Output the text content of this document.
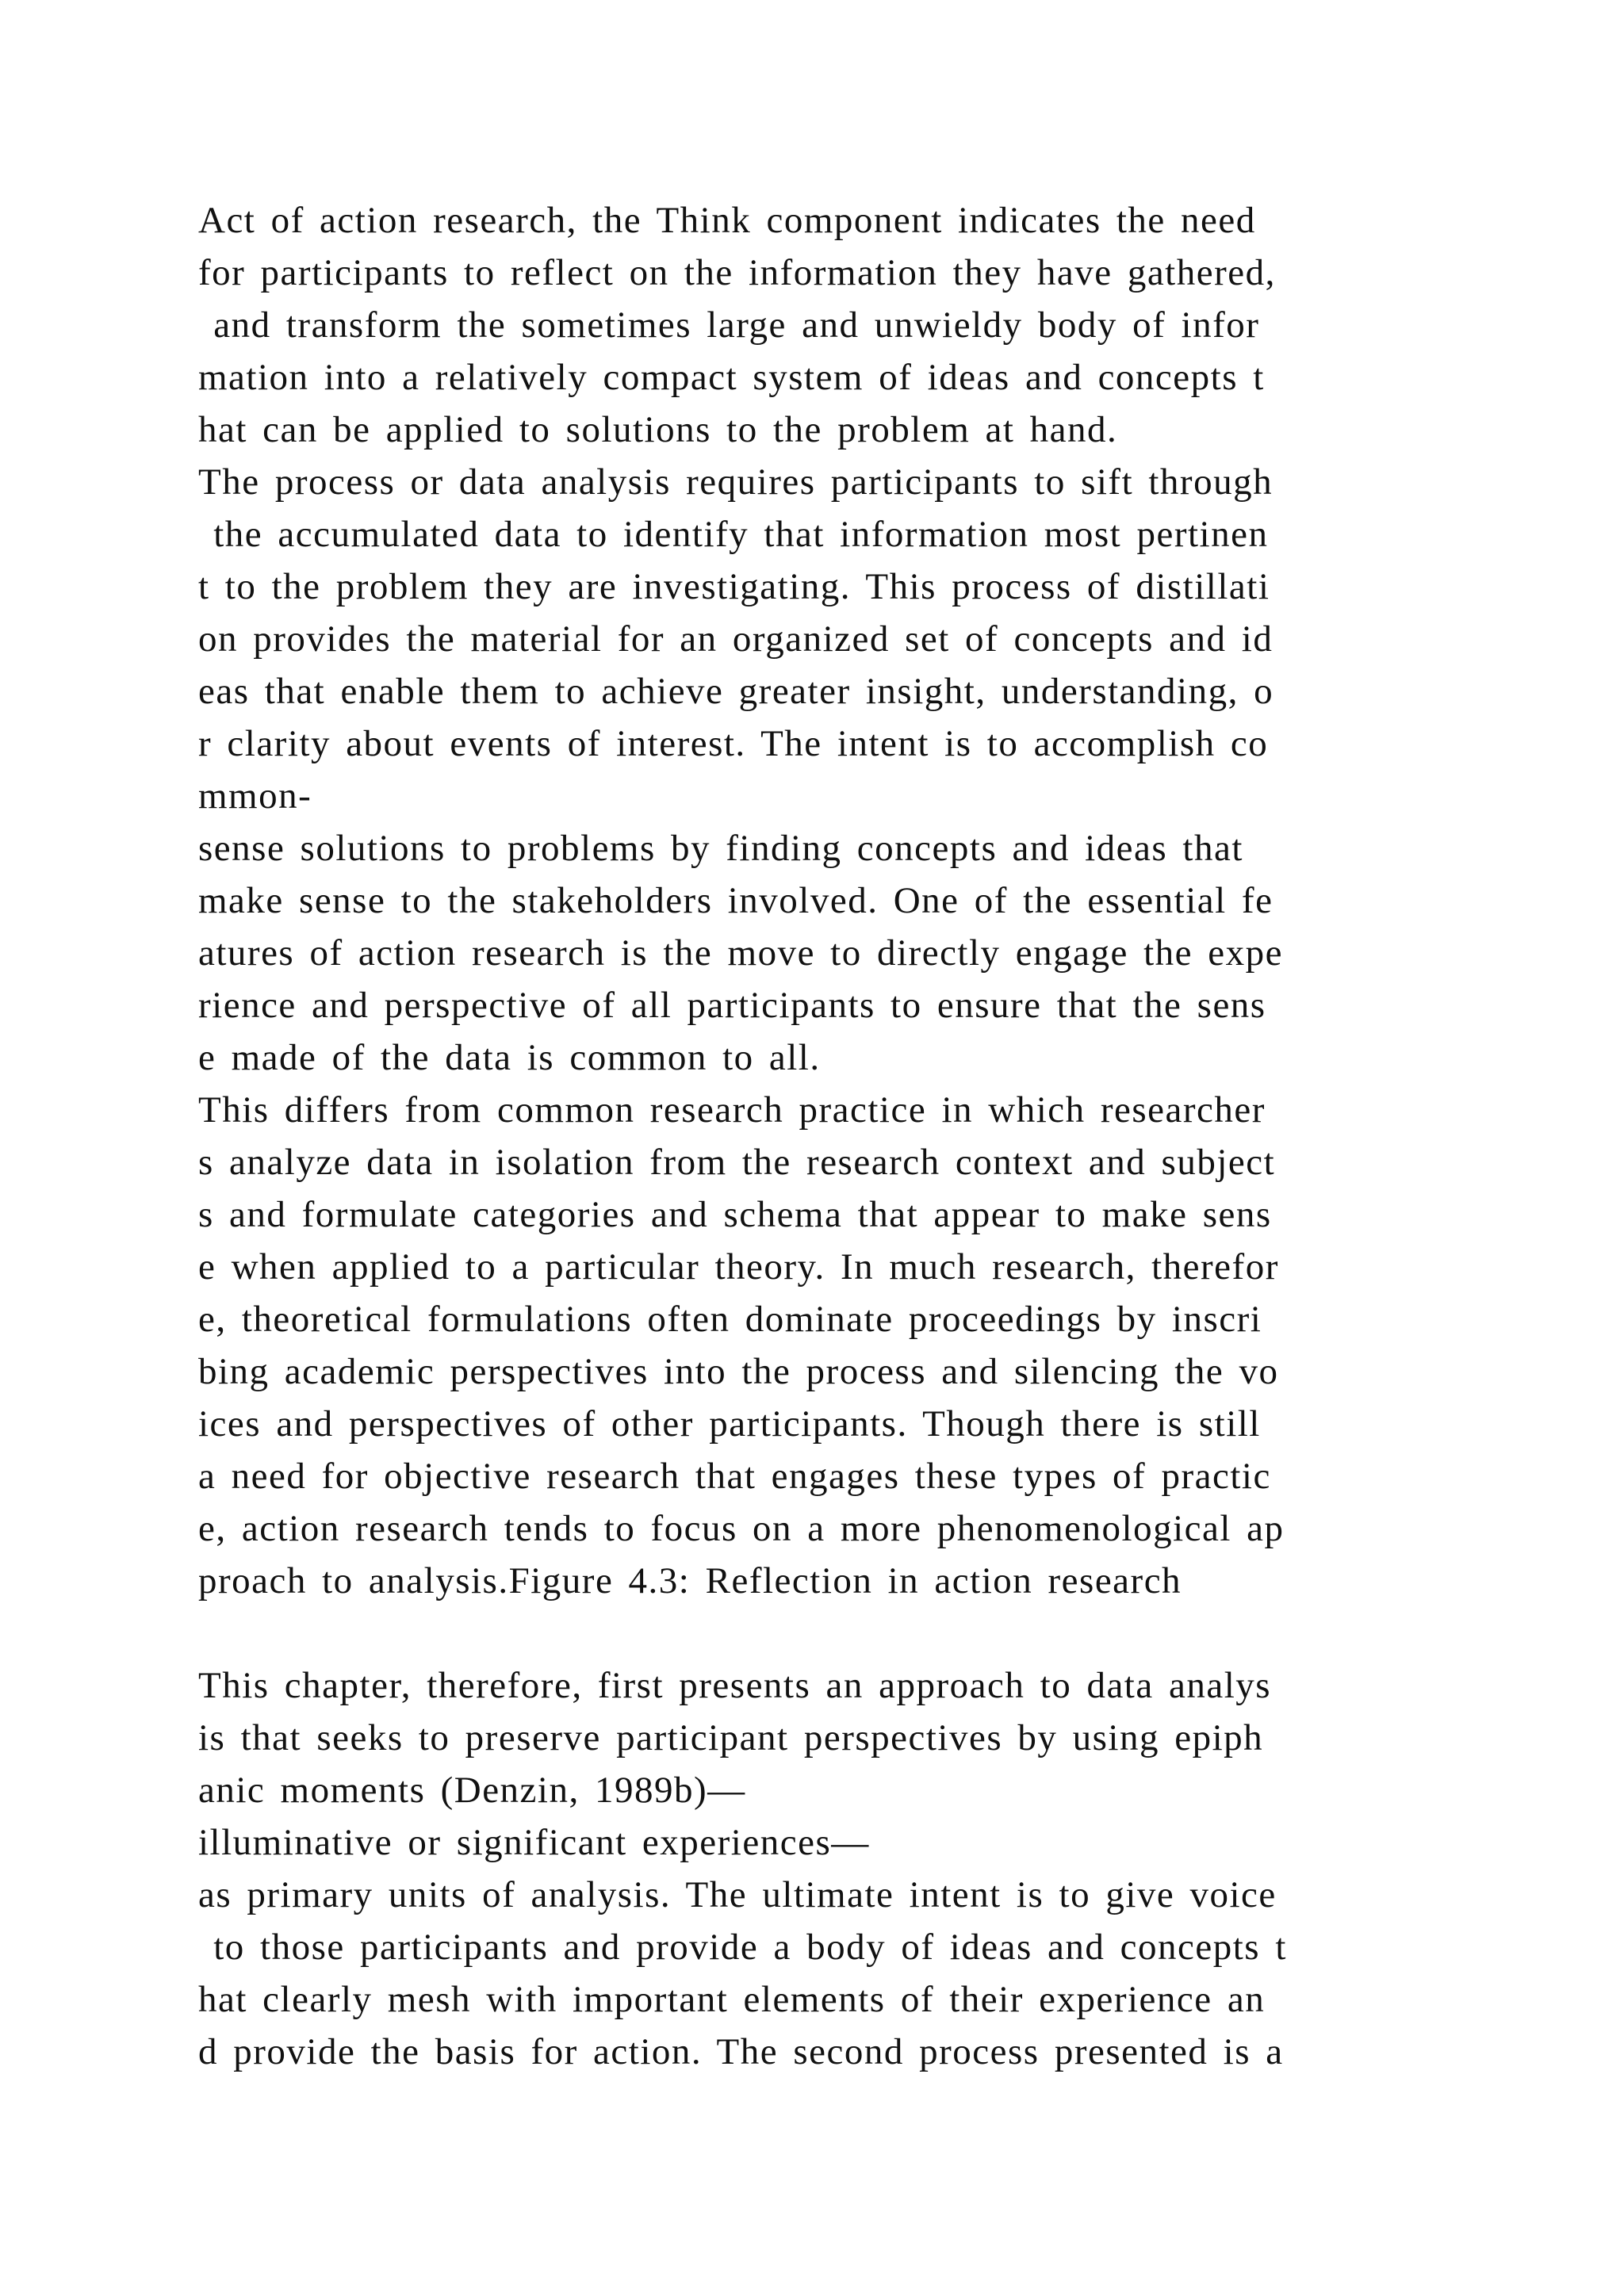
Act of action research, the Think component indicates the need
for participants to reflect on the information they have gathered,
and transform the sometimes large and unwieldy body of infor
mation into a relatively compact system of ideas and concepts t
hat can be applied to solutions to the problem at hand.
The process or data analysis requires participants to sift through
the accumulated data to identify that information most pertinen
t to the problem they are investigating. This process of distillati
on provides the material for an organized set of concepts and id
eas that enable them to achieve greater insight, understanding, o
r clarity about events of interest. The intent is to accomplish co
mmon-
sense solutions to problems by finding concepts and ideas that
make sense to the stakeholders involved. One of the essential fe
atures of action research is the move to directly engage the expe
rience and perspective of all participants to ensure that the sens
e made of the data is common to all.
This differs from common research practice in which researcher
s analyze data in isolation from the research context and subject
s and formulate categories and schema that appear to make sens
e when applied to a particular theory. In much research, therefor
e, theoretical formulations often dominate proceedings by inscri
bing academic perspectives into the process and silencing the vo
ices and perspectives of other participants. Though there is still
a need for objective research that engages these types of practic
e, action research tends to focus on a more phenomenological ap
proach to analysis.Figure 4.3: Reflection in action research
This chapter, therefore, first presents an approach to data analys
is that seeks to preserve participant perspectives by using epiph
anic moments (Denzin, 1989b)—
illuminative or significant experiences—
as primary units of analysis. The ultimate intent is to give voice
to those participants and provide a body of ideas and concepts t
hat clearly mesh with important elements of their experience an
d provide the basis for action. The second process presented is a
